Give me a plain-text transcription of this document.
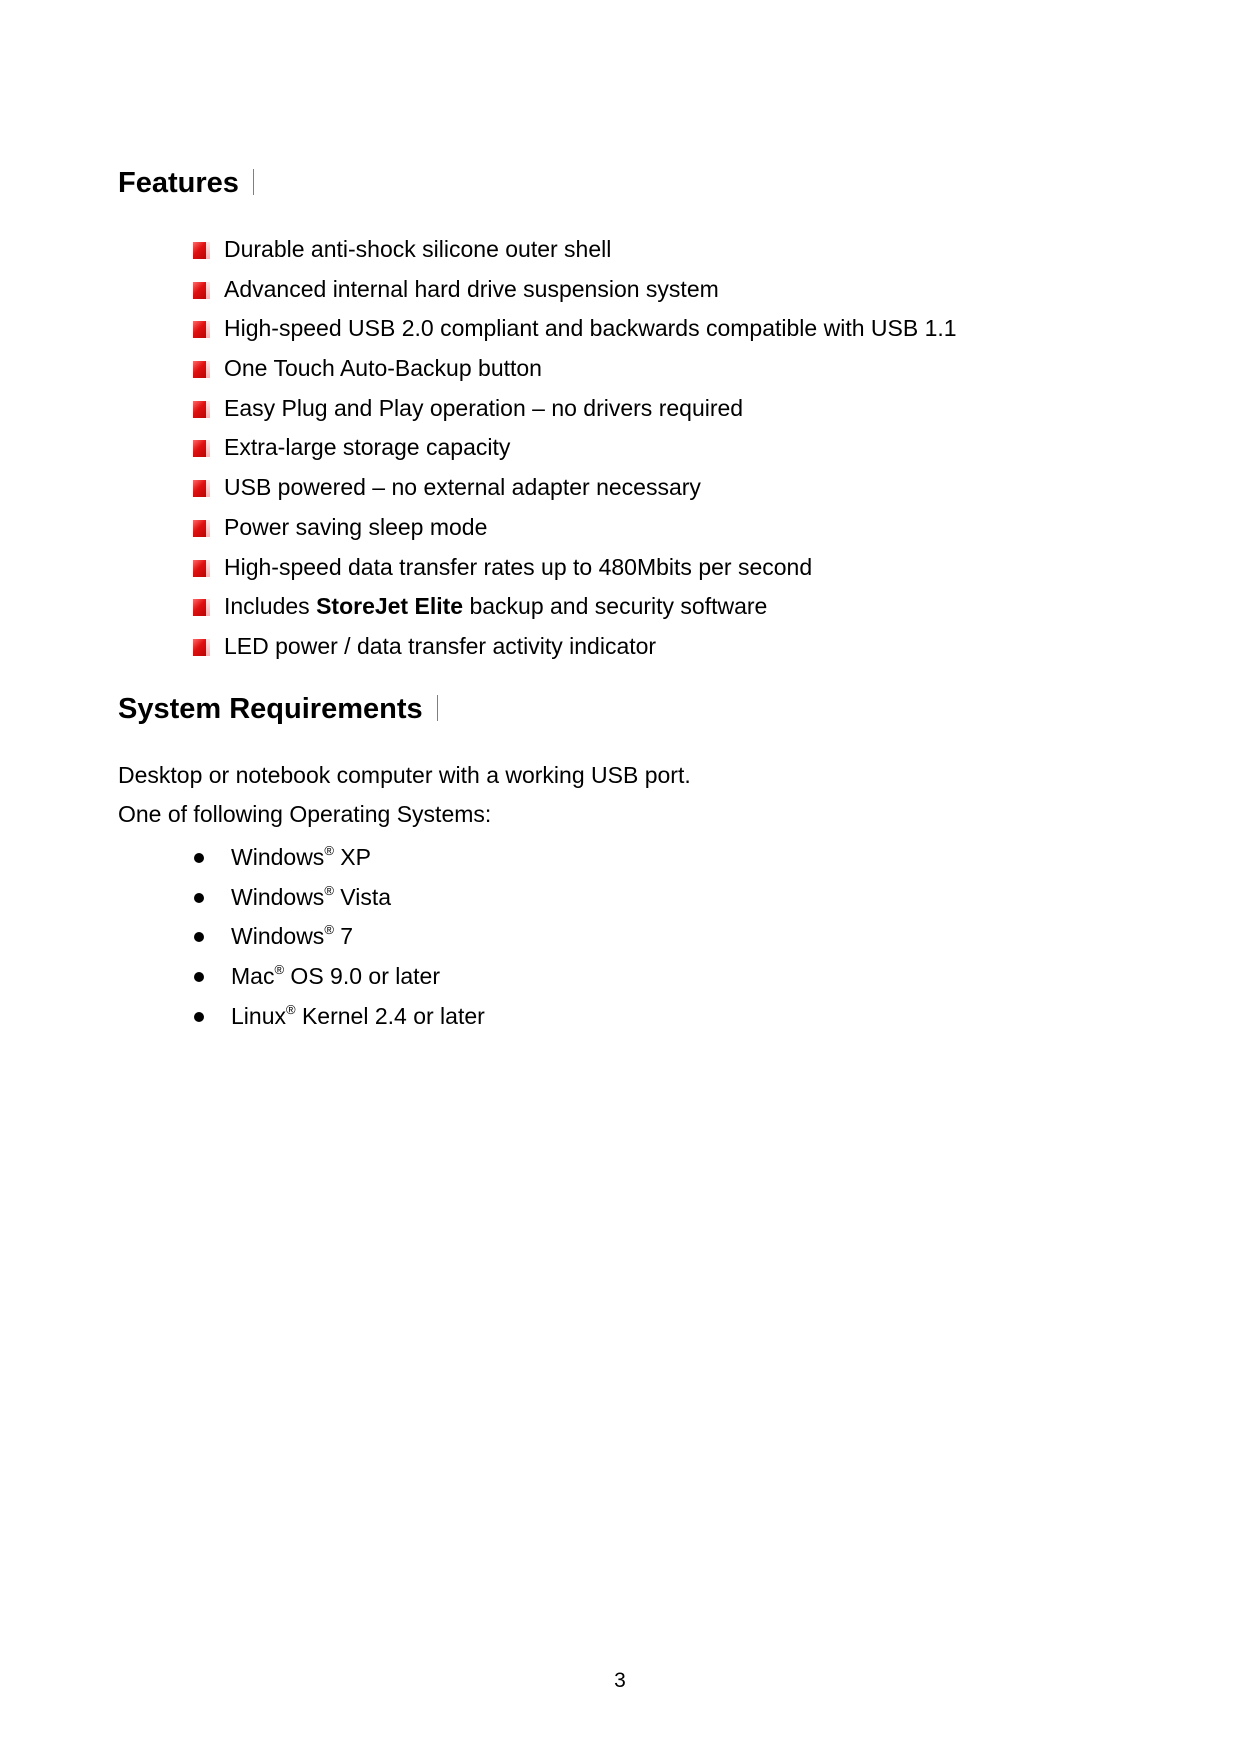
Features
Durable anti-shock silicone outer shell
Advanced internal hard drive suspension system
High-speed USB 2.0 compliant and backwards compatible with USB 1.1
One Touch Auto-Backup button
Easy Plug and Play operation – no drivers required
Extra-large storage capacity
USB powered – no external adapter necessary
Power saving sleep mode
High-speed data transfer rates up to 480Mbits per second
Includes StoreJet Elite backup and security software
LED power / data transfer activity indicator
System Requirements
Desktop or notebook computer with a working USB port.
One of following Operating Systems:
Windows® XP
Windows® Vista
Windows® 7
Mac® OS 9.0 or later
Linux® Kernel 2.4 or later
3
